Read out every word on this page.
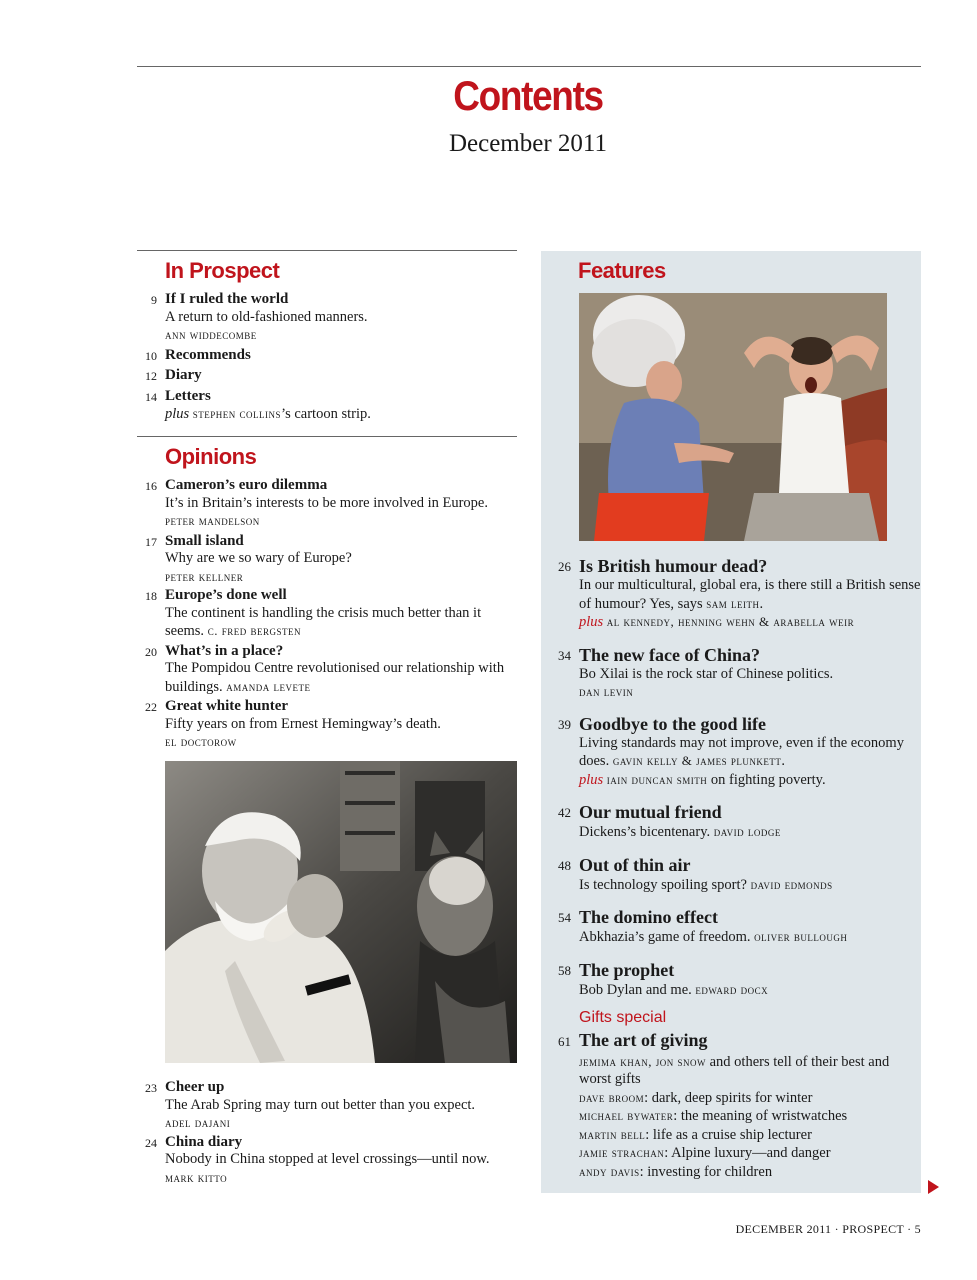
Contents
December 2011
In Prospect
9 If I ruled the world
A return to old-fashioned manners.
ann widdecombe
10 Recommends
12 Diary
14 Letters
plus stephen collins’s cartoon strip.
Opinions
16 Cameron’s euro dilemma
It’s in Britain’s interests to be more involved in Europe. peter mandelson
17 Small island
Why are we so wary of Europe?
peter kellner
18 Europe’s done well
The continent is handling the crisis much better than it seems. c. fred bergsten
20 What’s in a place?
The Pompidou Centre revolutionised our relationship with buildings. amanda levete
22 Great white hunter
Fifty years on from Ernest Hemingway’s death.
el doctorow
23 Cheer up
The Arab Spring may turn out better than you expect.
adel dajani
24 China diary
Nobody in China stopped at level crossings—until now.
mark kitto
Features
26 Is British humour dead?
In our multicultural, global era, is there still a British sense of humour? Yes, says sam leith.
plus al kennedy, henning wehn & arabella weir
34 The new face of China?
Bo Xilai is the rock star of Chinese politics.
dan levin
39 Goodbye to the good life
Living standards may not improve, even if the economy does. gavin kelly & james plunkett.
plus iain duncan smith on fighting poverty.
42 Our mutual friend
Dickens’s bicentenary. david lodge
48 Out of thin air
Is technology spoiling sport? david edmonds
54 The domino effect
Abkhazia’s game of freedom. oliver bullough
58 The prophet
Bob Dylan and me. edward docx
Gifts special
61 The art of giving
jemima khan, jon snow and others tell of their best and worst gifts
dave broom: dark, deep spirits for winter
michael bywater: the meaning of wristwatches
martin bell: life as a cruise ship lecturer
jamie strachan: Alpine luxury—and danger
andy davis: investing for children
DECEMBER 2011 · PROSPECT · 5
